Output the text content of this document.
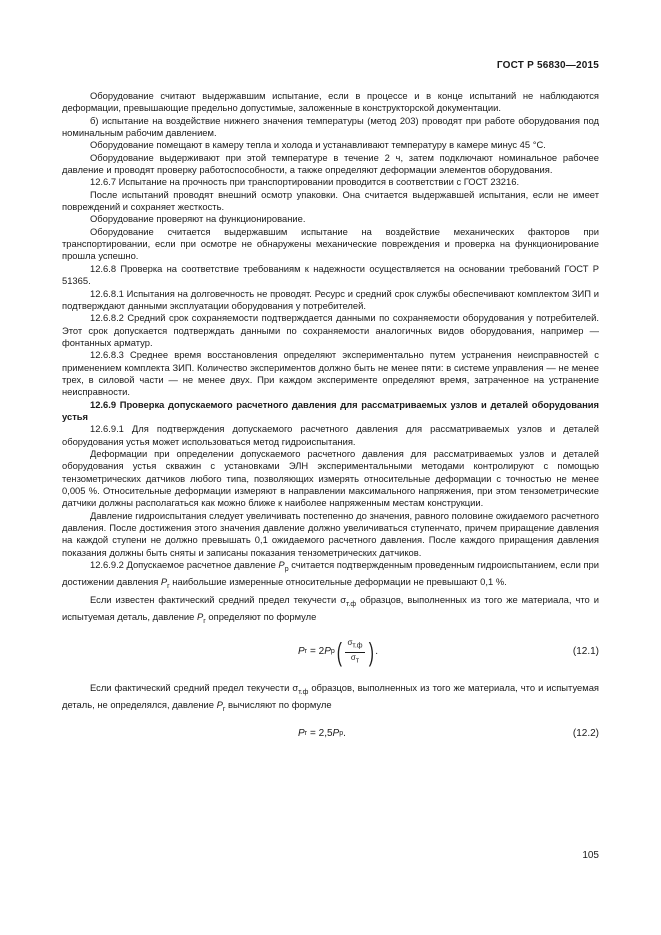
ГОСТ Р 56830—2015

Оборудование считают выдержавшим испытание, если в процессе и в конце испытаний не наблюдаются деформации, превышающие предельно допустимые, заложенные в конструкторской документации.

б) испытание на воздействие нижнего значения температуры (метод 203) проводят при работе оборудования под номинальным рабочим давлением.

Оборудование помещают в камеру тепла и холода и устанавливают температуру в камере минус 45 °С.

Оборудование выдерживают при этой температуре в течение 2 ч, затем подключают номинальное рабочее давление и проводят проверку работоспособности, а также определяют деформации элементов оборудования.

12.6.7 Испытание на прочность при транспортировании проводится в соответствии с ГОСТ 23216.

После испытаний проводят внешний осмотр упаковки. Она считается выдержавшей испытания, если не имеет повреждений и сохраняет жесткость.

Оборудование проверяют на функционирование.

Оборудование считается выдержавшим испытание на воздействие механических факторов при транспортировании, если при осмотре не обнаружены механические повреждения и проверка на функционирование прошла успешно.

12.6.8 Проверка на соответствие требованиям к надежности осуществляется на основании требований ГОСТ Р 51365.

12.6.8.1 Испытания на долговечность не проводят. Ресурс и средний срок службы обеспечивают комплектом ЗИП и подтверждают данными эксплуатации оборудования у потребителей.

12.6.8.2 Средний срок сохраняемости подтверждается данными по сохраняемости оборудования у потребителей. Этот срок допускается подтверждать данными по сохраняемости аналогичных видов оборудования, например — фонтанных арматур.

12.6.8.3 Среднее время восстановления определяют экспериментально путем устранения неисправностей с применением комплекта ЗИП. Количество экспериментов должно быть не менее пяти: в системе управления — не менее трех, в силовой части — не менее двух. При каждом эксперименте определяют время, затраченное на устранение неисправности.

12.6.9 Проверка допускаемого расчетного давления для рассматриваемых узлов и деталей оборудования устья

12.6.9.1 Для подтверждения допускаемого расчетного давления для рассматриваемых узлов и деталей оборудования устья может использоваться метод гидроиспытания.

Деформации при определении допускаемого расчетного давления для рассматриваемых узлов и деталей оборудования устья скважин с установками ЭЛН экспериментальными методами контролируют с помощью тензометрических датчиков любого типа, позволяющих измерять относительные деформации с точностью не менее 0,005 %. Относительные деформации измеряют в направлении максимального напряжения, при этом тензометрические датчики должны располагаться как можно ближе к наиболее напряженным местам конструкции.

Давление гидроиспытания следует увеличивать постепенно до значения, равного половине ожидаемого расчетного давления. После достижения этого значения давление должно увеличиваться ступенчато, причем приращение давления на каждой ступени не должно превышать 0,1 ожидаемого расчетного давления. После каждого приращения давления показания должны быть сняты и записаны показания тензометрических датчиков.

12.6.9.2 Допускаемое расчетное давление $P_р$ считается подтвержденным проведенным гидроиспытанием, если при достижении давления $P_г$ наибольшие измеренные относительные деформации не превышают 0,1 %.

Если известен фактический средний предел текучести $\sigma_{т.ф}$ образцов, выполненных из того же материала, что и испытуемая деталь, давление $P_г$ определяют по формуле

P г = 2 P р ( $\frac{\sigma_{т.ф}}{\sigma_т}$ ) .	(12.1)

Если фактический средний предел текучести $\sigma_{т.ф}$ образцов, выполненных из того же материала, что и испытуемая деталь, не определялся, давление $P_г$ вычисляют по формуле

P г = 2,5 P р .	(12.2)
105
